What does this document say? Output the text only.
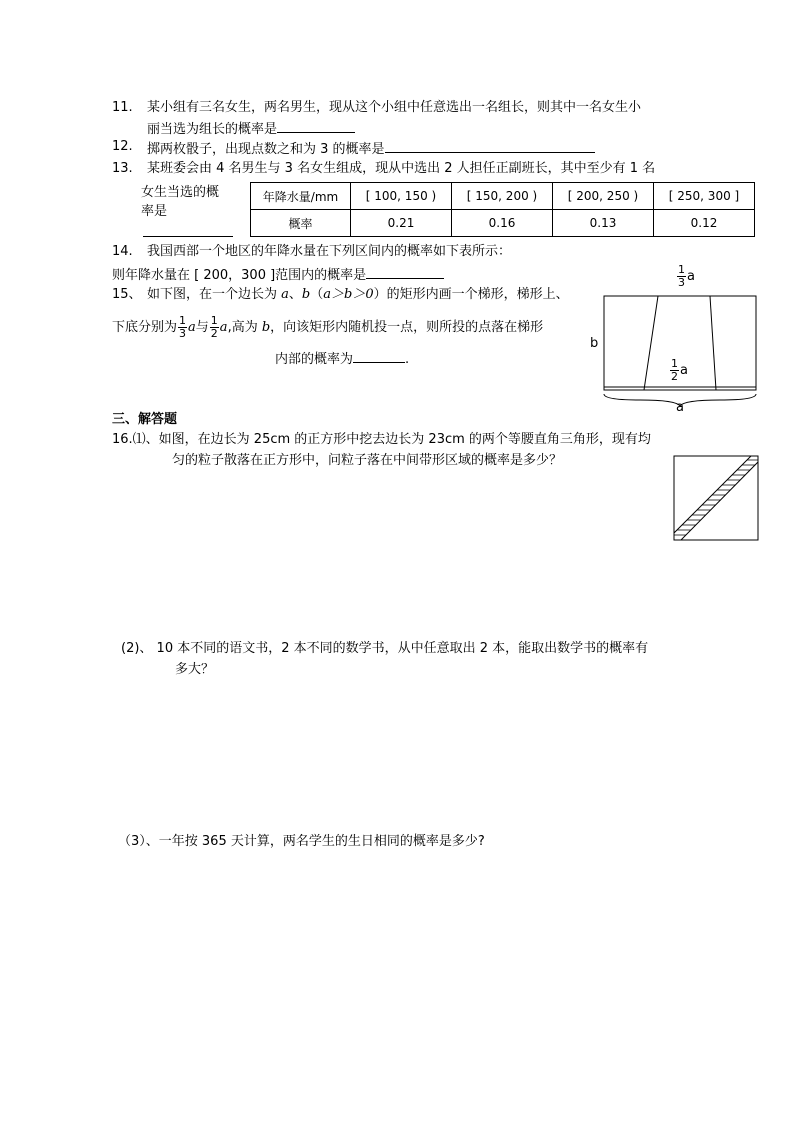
11. 某小组有三名女生，两名男生，现从这个小组中任意选出一名组长，则其中一名女生小
丽当选为组长的概率是
12. 掷两枚骰子，出现点数之和为 3 的概率是
13. 某班委会由 4 名男生与 3 名女生组成，现从中选出 2 人担任正副班长，其中至少有 1 名
女生当选的概
率是
年降水量/mm	[ 100, 150 )	[ 150, 200 )	[ 200, 250 )	[ 250, 300 ]
概率	0.21	0.16	0.13	0.12
14. 我国西部一个地区的年降水量在下列区间内的概率如下表所示：
则年降水量在 [ 200，300 ]范围内的概率是
15、 如下图，在一个边长为 a、b（a＞b＞0）的矩形内画一个梯形，梯形上、
下底分别为 $\frac{1}{3}$ a与 $\frac{1}{2} a$,高为 b，向该矩形内随机投一点，则所投的点落在梯形
内部的概率为	.
$\frac{1}{3}$ a
b
$\frac{1}{2}$ a
a
三、解答题
16.⑴、如图，在边长为 25cm 的正方形中挖去边长为 23cm 的两个等腰直角三角形，现有均
匀的粒子散落在正方形中，问粒子落在中间带形区域的概率是多少？
(2)、 10 本不同的语文书，2 本不同的数学书，从中任意取出 2 本，能取出数学书的概率有
多大？
（3）、一年按 365 天计算，两名学生的生日相同的概率是多少?
